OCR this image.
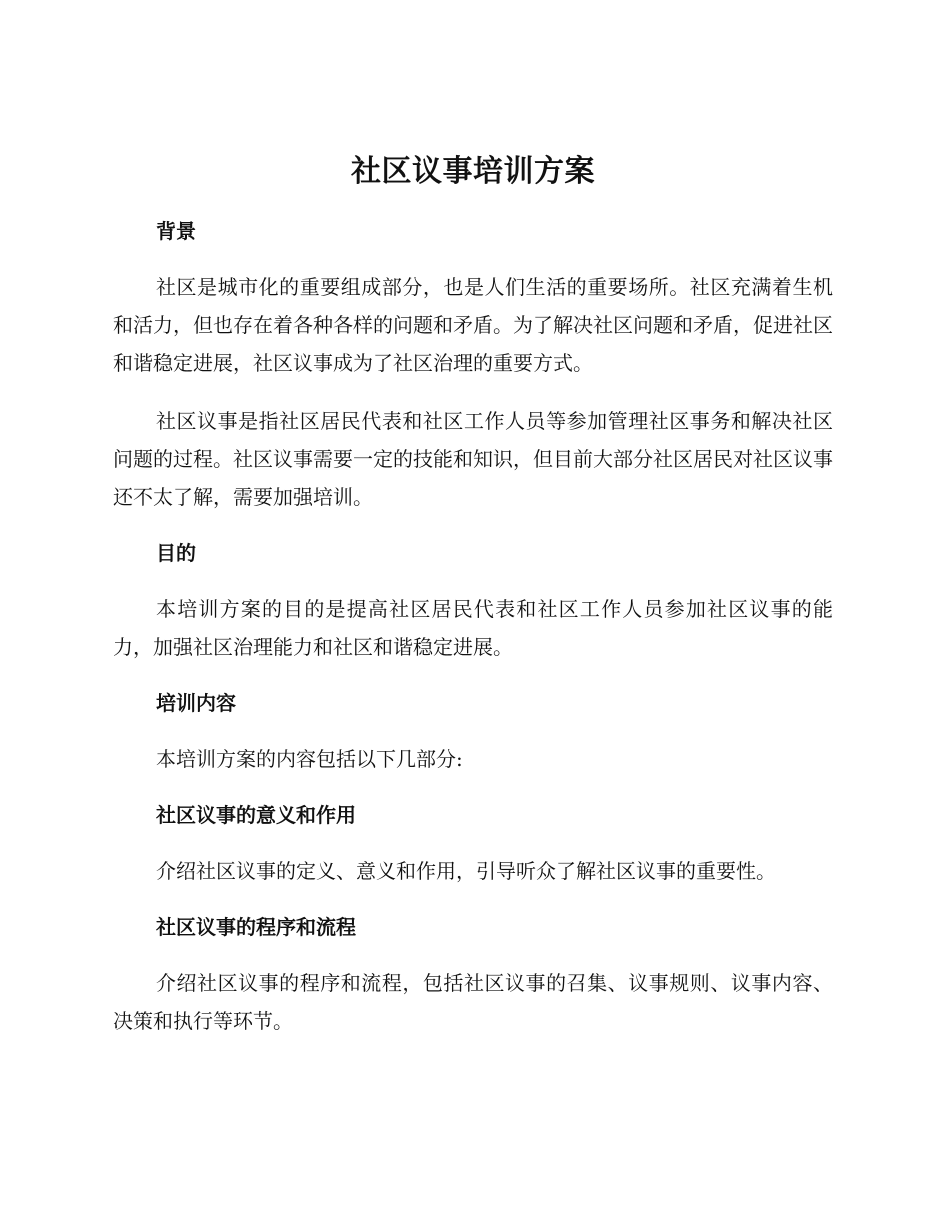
社区议事培训方案
背景

社区是城市化的重要组成部分，也是人们生活的重要场所。社区充满着生机和活力，但也存在着各种各样的问题和矛盾。为了解决社区问题和矛盾，促进社区和谐稳定进展，社区议事成为了社区治理的重要方式。

社区议事是指社区居民代表和社区工作人员等参加管理社区事务和解决社区问题的过程。社区议事需要一定的技能和知识，但目前大部分社区居民对社区议事还不太了解，需要加强培训。

目的

本培训方案的目的是提高社区居民代表和社区工作人员参加社区议事的能力，加强社区治理能力和社区和谐稳定进展。

培训内容

本培训方案的内容包括以下几部分:

社区议事的意义和作用

介绍社区议事的定义、意义和作用，引导听众了解社区议事的重要性。

社区议事的程序和流程

介绍社区议事的程序和流程，包括社区议事的召集、议事规则、议事内容、决策和执行等环节。
